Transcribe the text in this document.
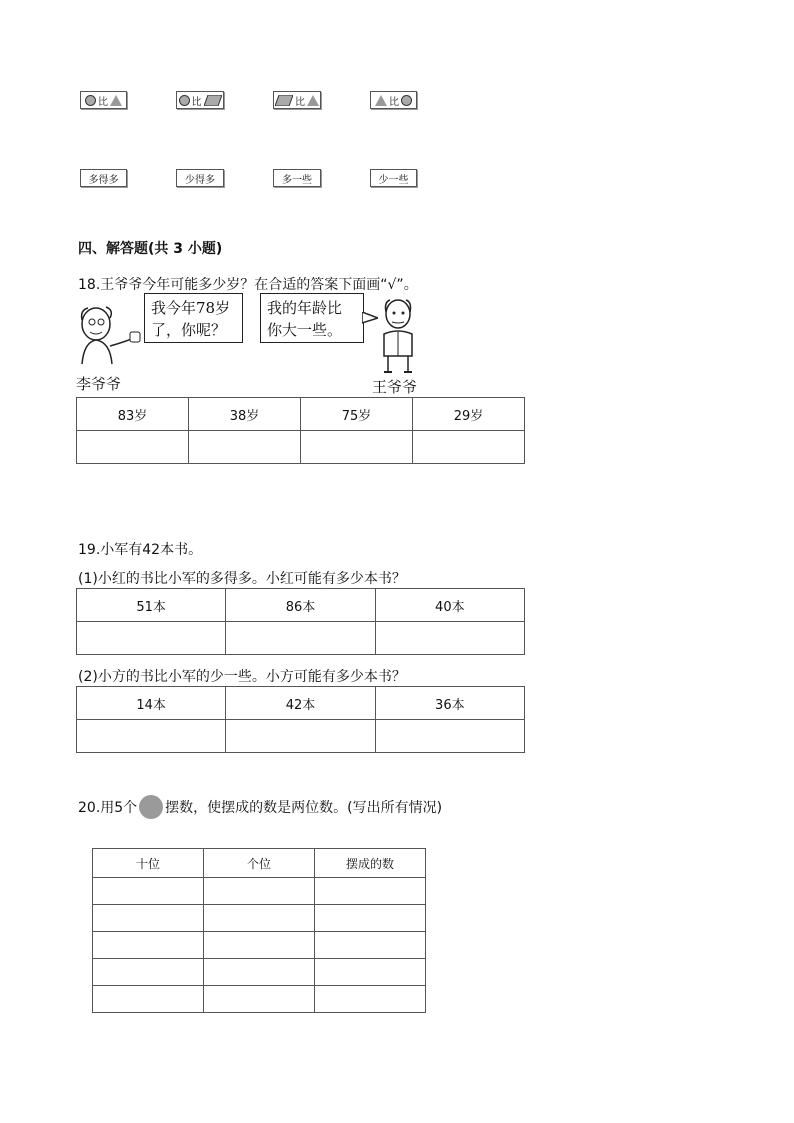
比	比	比	比
多得多	少得多	多一些	少一些
四、解答题(共 3 小题)
18.王爷爷今年可能多少岁？在合适的答案下面画“√”。
我今年78岁
了，你呢？
我的年龄比
你大一些。
李爷爷	王爷爷
83岁	38岁	75岁	29岁

19.小军有42本书。
(1)小红的书比小军的多得多。小红可能有多少本书？
51本	86本	40本

(2)小方的书比小军的少一些。小方可能有多少本书？
14本	42本	36本

20.用5个 摆数，使摆成的数是两位数。(写出所有情况)
十位	个位	摆成的数
